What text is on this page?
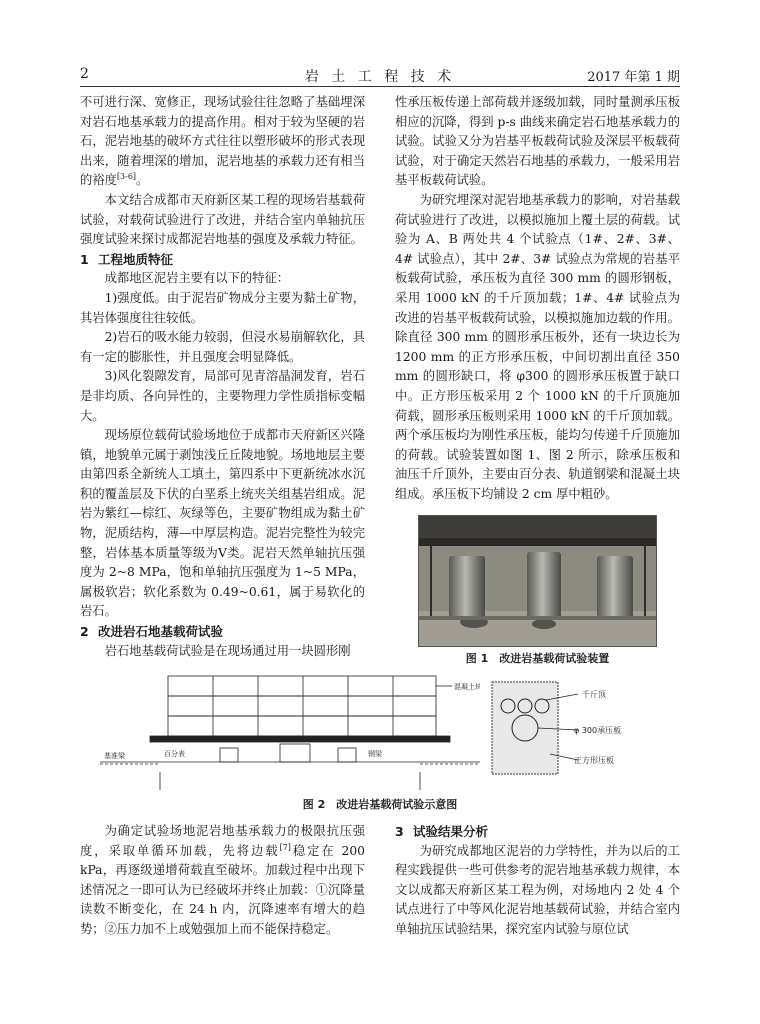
2	岩 土 工 程 技 术	2017 年第 1 期

不可进行深、宽修正，现场试验往往忽略了基础埋深对岩石地基承载力的提高作用。相对于较为坚硬的岩石，泥岩地基的破坏方式往往以塑形破坏的形式表现出来，随着埋深的增加，泥岩地基的承载力还有相当的裕度[3-6]。

本文结合成都市天府新区某工程的现场岩基载荷试验，对载荷试验进行了改进，并结合室内单轴抗压强度试验来探讨成都泥岩地基的强度及承载力特征。

1 工程地质特征

成都地区泥岩主要有以下的特征：

1)强度低。由于泥岩矿物成分主要为黏土矿物，其岩体强度往往较低。

2)岩石的吸水能力较弱，但浸水易崩解软化，具有一定的膨胀性，并且强度会明显降低。

3)风化裂隙发育，局部可见青溶晶洞发育，岩石是非均质、各向异性的，主要物理力学性质指标变幅大。

现场原位载荷试验场地位于成都市天府新区兴隆镇，地貌单元属于剥蚀浅丘丘陵地貌。场地地层主要由第四系全新统人工填土，第四系中下更新统冰水沉积的覆盖层及下伏的白垩系上统夹关组基岩组成。泥岩为紫红—棕红、灰绿等色，主要矿物组成为黏土矿物，泥质结构，薄—中厚层构造。泥岩完整性为较完整，岩体基本质量等级为Ⅴ类。泥岩天然单轴抗压强度为 2~8 MPa，饱和单轴抗压强度为 1~5 MPa，属极软岩；软化系数为 0.49~0.61，属于易软化的岩石。

2 改进岩石地基载荷试验

岩石地基载荷试验是在现场通过用一块圆形刚

性承压板传递上部荷载并逐级加载，同时量测承压板相应的沉降，得到 p-s 曲线来确定岩石地基承载力的试验。试验又分为岩基平板载荷试验及深层平板载荷试验，对于确定天然岩石地基的承载力，一般采用岩基平板载荷试验。

为研究埋深对泥岩地基承载力的影响，对岩基载荷试验进行了改进，以模拟施加上覆土层的荷载。试验为 A、B 两处共 4 个试验点（1#、2#、3#、4# 试验点），其中 2#、3# 试验点为常规的岩基平板载荷试验，承压板为直径 300 mm 的圆形钢板，采用 1000 kN 的千斤顶加载；1#、4# 试验点为改进的岩基平板载荷试验，以模拟施加边载的作用。除直径 300 mm 的圆形承压板外，还有一块边长为 1200 mm 的正方形承压板，中间切割出直径 350 mm 的圆形缺口，将 φ300 的圆形承压板置于缺口中。正方形压板采用 2 个 1000 kN 的千斤顶施加荷载，圆形承压板则采用 1000 kN 的千斤顶加载。两个承压板均为刚性承压板，能均匀传递千斤顶施加的荷载。试验装置如图 1、图 2 所示，除承压板和油压千斤顶外，主要由百分表、轨道钢梁和混凝土块组成。承压板下均铺设 2 cm 厚中粗砂。

图 1　改进岩基载荷试验装置
混凝土块
百分表	钢梁
基准梁
千斤顶
φ 300承压板
正方形压板
图 2　改进岩基载荷试验示意图

为确定试验场地泥岩地基承载力的极限抗压强度，采取单循环加载，先将边载[7]稳定在 200 kPa，再逐级递增荷载直至破坏。加载过程中出现下述情况之一即可认为已经破坏并终止加载：①沉降量读数不断变化，在 24 h 内，沉降速率有增大的趋势；②压力加不上或勉强加上而不能保持稳定。

3 试验结果分析

为研究成都地区泥岩的力学特性，并为以后的工程实践提供一些可供参考的泥岩地基承载力规律，本文以成都天府新区某工程为例，对场地内 2 处 4 个试点进行了中等风化泥岩地基载荷试验，并结合室内单轴抗压试验结果，探究室内试验与原位试
